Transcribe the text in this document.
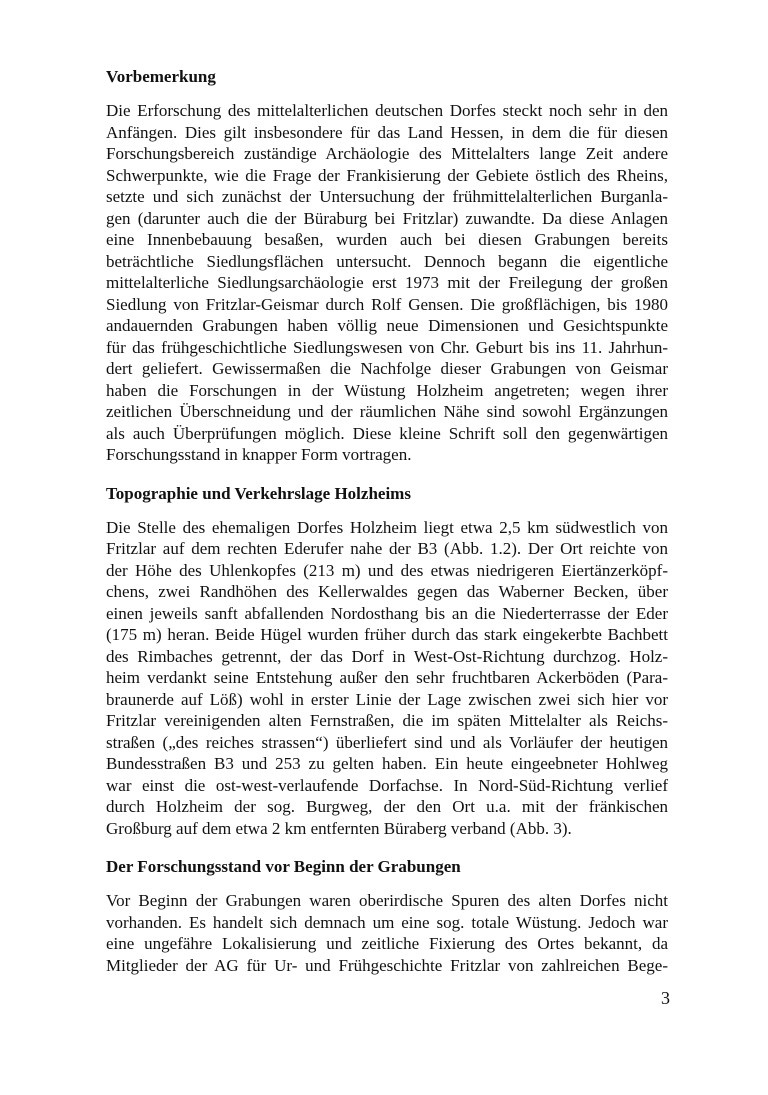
Vorbemerkung
Die Erforschung des mittelalterlichen deutschen Dorfes steckt noch sehr in den
Anfängen. Dies gilt insbesondere für das Land Hessen, in dem die für diesen
Forschungsbereich zuständige Archäologie des Mittelalters lange Zeit andere
Schwerpunkte, wie die Frage der Frankisierung der Gebiete östlich des Rheins,
setzte und sich zunächst der Untersuchung der frühmittelalterlichen Burganla-
gen (darunter auch die der Büraburg bei Fritzlar) zuwandte. Da diese Anlagen
eine Innenbebauung besaßen, wurden auch bei diesen Grabungen bereits
beträchtliche Siedlungsflächen untersucht. Dennoch begann die eigentliche
mittelalterliche Siedlungsarchäologie erst 1973 mit der Freilegung der großen
Siedlung von Fritzlar-Geismar durch Rolf Gensen. Die großflächigen, bis 1980
andauernden Grabungen haben völlig neue Dimensionen und Gesichtspunkte
für das frühgeschichtliche Siedlungswesen von Chr. Geburt bis ins 11. Jahrhun-
dert geliefert. Gewissermaßen die Nachfolge dieser Grabungen von Geismar
haben die Forschungen in der Wüstung Holzheim angetreten; wegen ihrer
zeitlichen Überschneidung und der räumlichen Nähe sind sowohl Ergänzungen
als auch Überprüfungen möglich. Diese kleine Schrift soll den gegenwärtigen
Forschungsstand in knapper Form vortragen.
Topographie und Verkehrslage Holzheims
Die Stelle des ehemaligen Dorfes Holzheim liegt etwa 2,5 km südwestlich von
Fritzlar auf dem rechten Ederufer nahe der B3 (Abb. 1.2). Der Ort reichte von
der Höhe des Uhlenkopfes (213 m) und des etwas niedrigeren Eiertänzerköpf-
chens, zwei Randhöhen des Kellerwaldes gegen das Waberner Becken, über
einen jeweils sanft abfallenden Nordosthang bis an die Niederterrasse der Eder
(175 m) heran. Beide Hügel wurden früher durch das stark eingekerbte Bachbett
des Rimbaches getrennt, der das Dorf in West-Ost-Richtung durchzog. Holz-
heim verdankt seine Entstehung außer den sehr fruchtbaren Ackerböden (Para-
braunerde auf Löß) wohl in erster Linie der Lage zwischen zwei sich hier vor
Fritzlar vereinigenden alten Fernstraßen, die im späten Mittelalter als Reichs-
straßen („des reiches strassen“) überliefert sind und als Vorläufer der heutigen
Bundesstraßen B3 und 253 zu gelten haben. Ein heute eingeebneter Hohlweg
war einst die ost-west-verlaufende Dorfachse. In Nord-Süd-Richtung verlief
durch Holzheim der sog. Burgweg, der den Ort u.a. mit der fränkischen
Großburg auf dem etwa 2 km entfernten Büraberg verband (Abb. 3).
Der Forschungsstand vor Beginn der Grabungen
Vor Beginn der Grabungen waren oberirdische Spuren des alten Dorfes nicht
vorhanden. Es handelt sich demnach um eine sog. totale Wüstung. Jedoch war
eine ungefähre Lokalisierung und zeitliche Fixierung des Ortes bekannt, da
Mitglieder der AG für Ur- und Frühgeschichte Fritzlar von zahlreichen Bege-
3
